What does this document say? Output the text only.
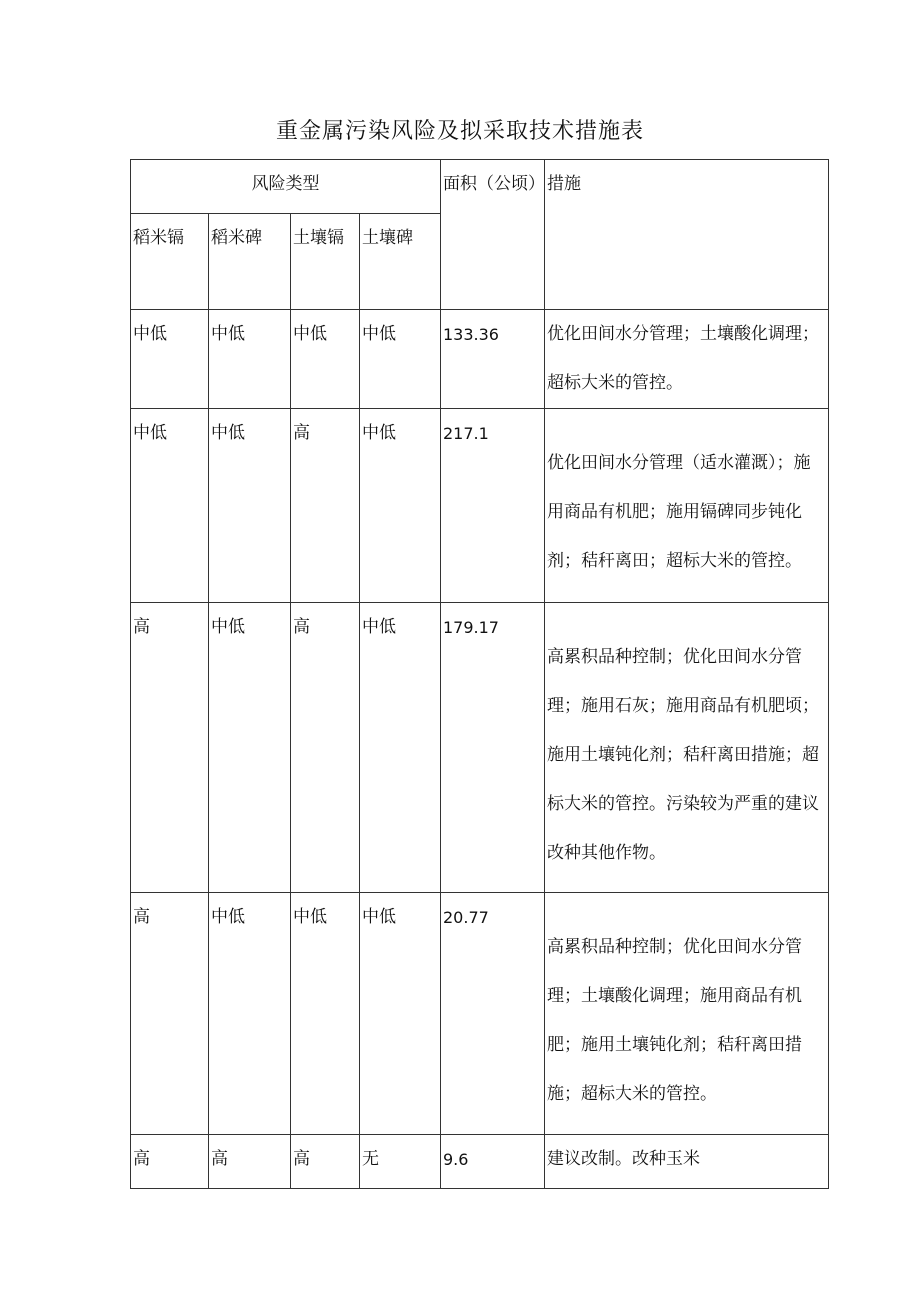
重金属污染风险及拟采取技术措施表
风险类型				面积（公顷）	措施
稻米镉	稻米碑	土壤镉	土壤碑		
中低	中低	中低	中低	133.36	优化田间水分管理；土壤酸化调理；超标大米的管控。
中低	中低	高	中低	217.1	优化田间水分管理（适水灌溉）；施用商品有机肥；施用镉碑同步钝化剂；秸秆离田；超标大米的管控。
高	中低	高	中低	179.17	高累积品种控制；优化田间水分管理；施用石灰；施用商品有机肥顷；施用土壤钝化剂；秸秆离田措施；超标大米的管控。污染较为严重的建议改种其他作物。
高	中低	中低	中低	20.77	高累积品种控制；优化田间水分管理；土壤酸化调理；施用商品有机肥；施用土壤钝化剂；秸秆离田措施；超标大米的管控。
高	高	高	无	9.6	建议改制。改种玉米
